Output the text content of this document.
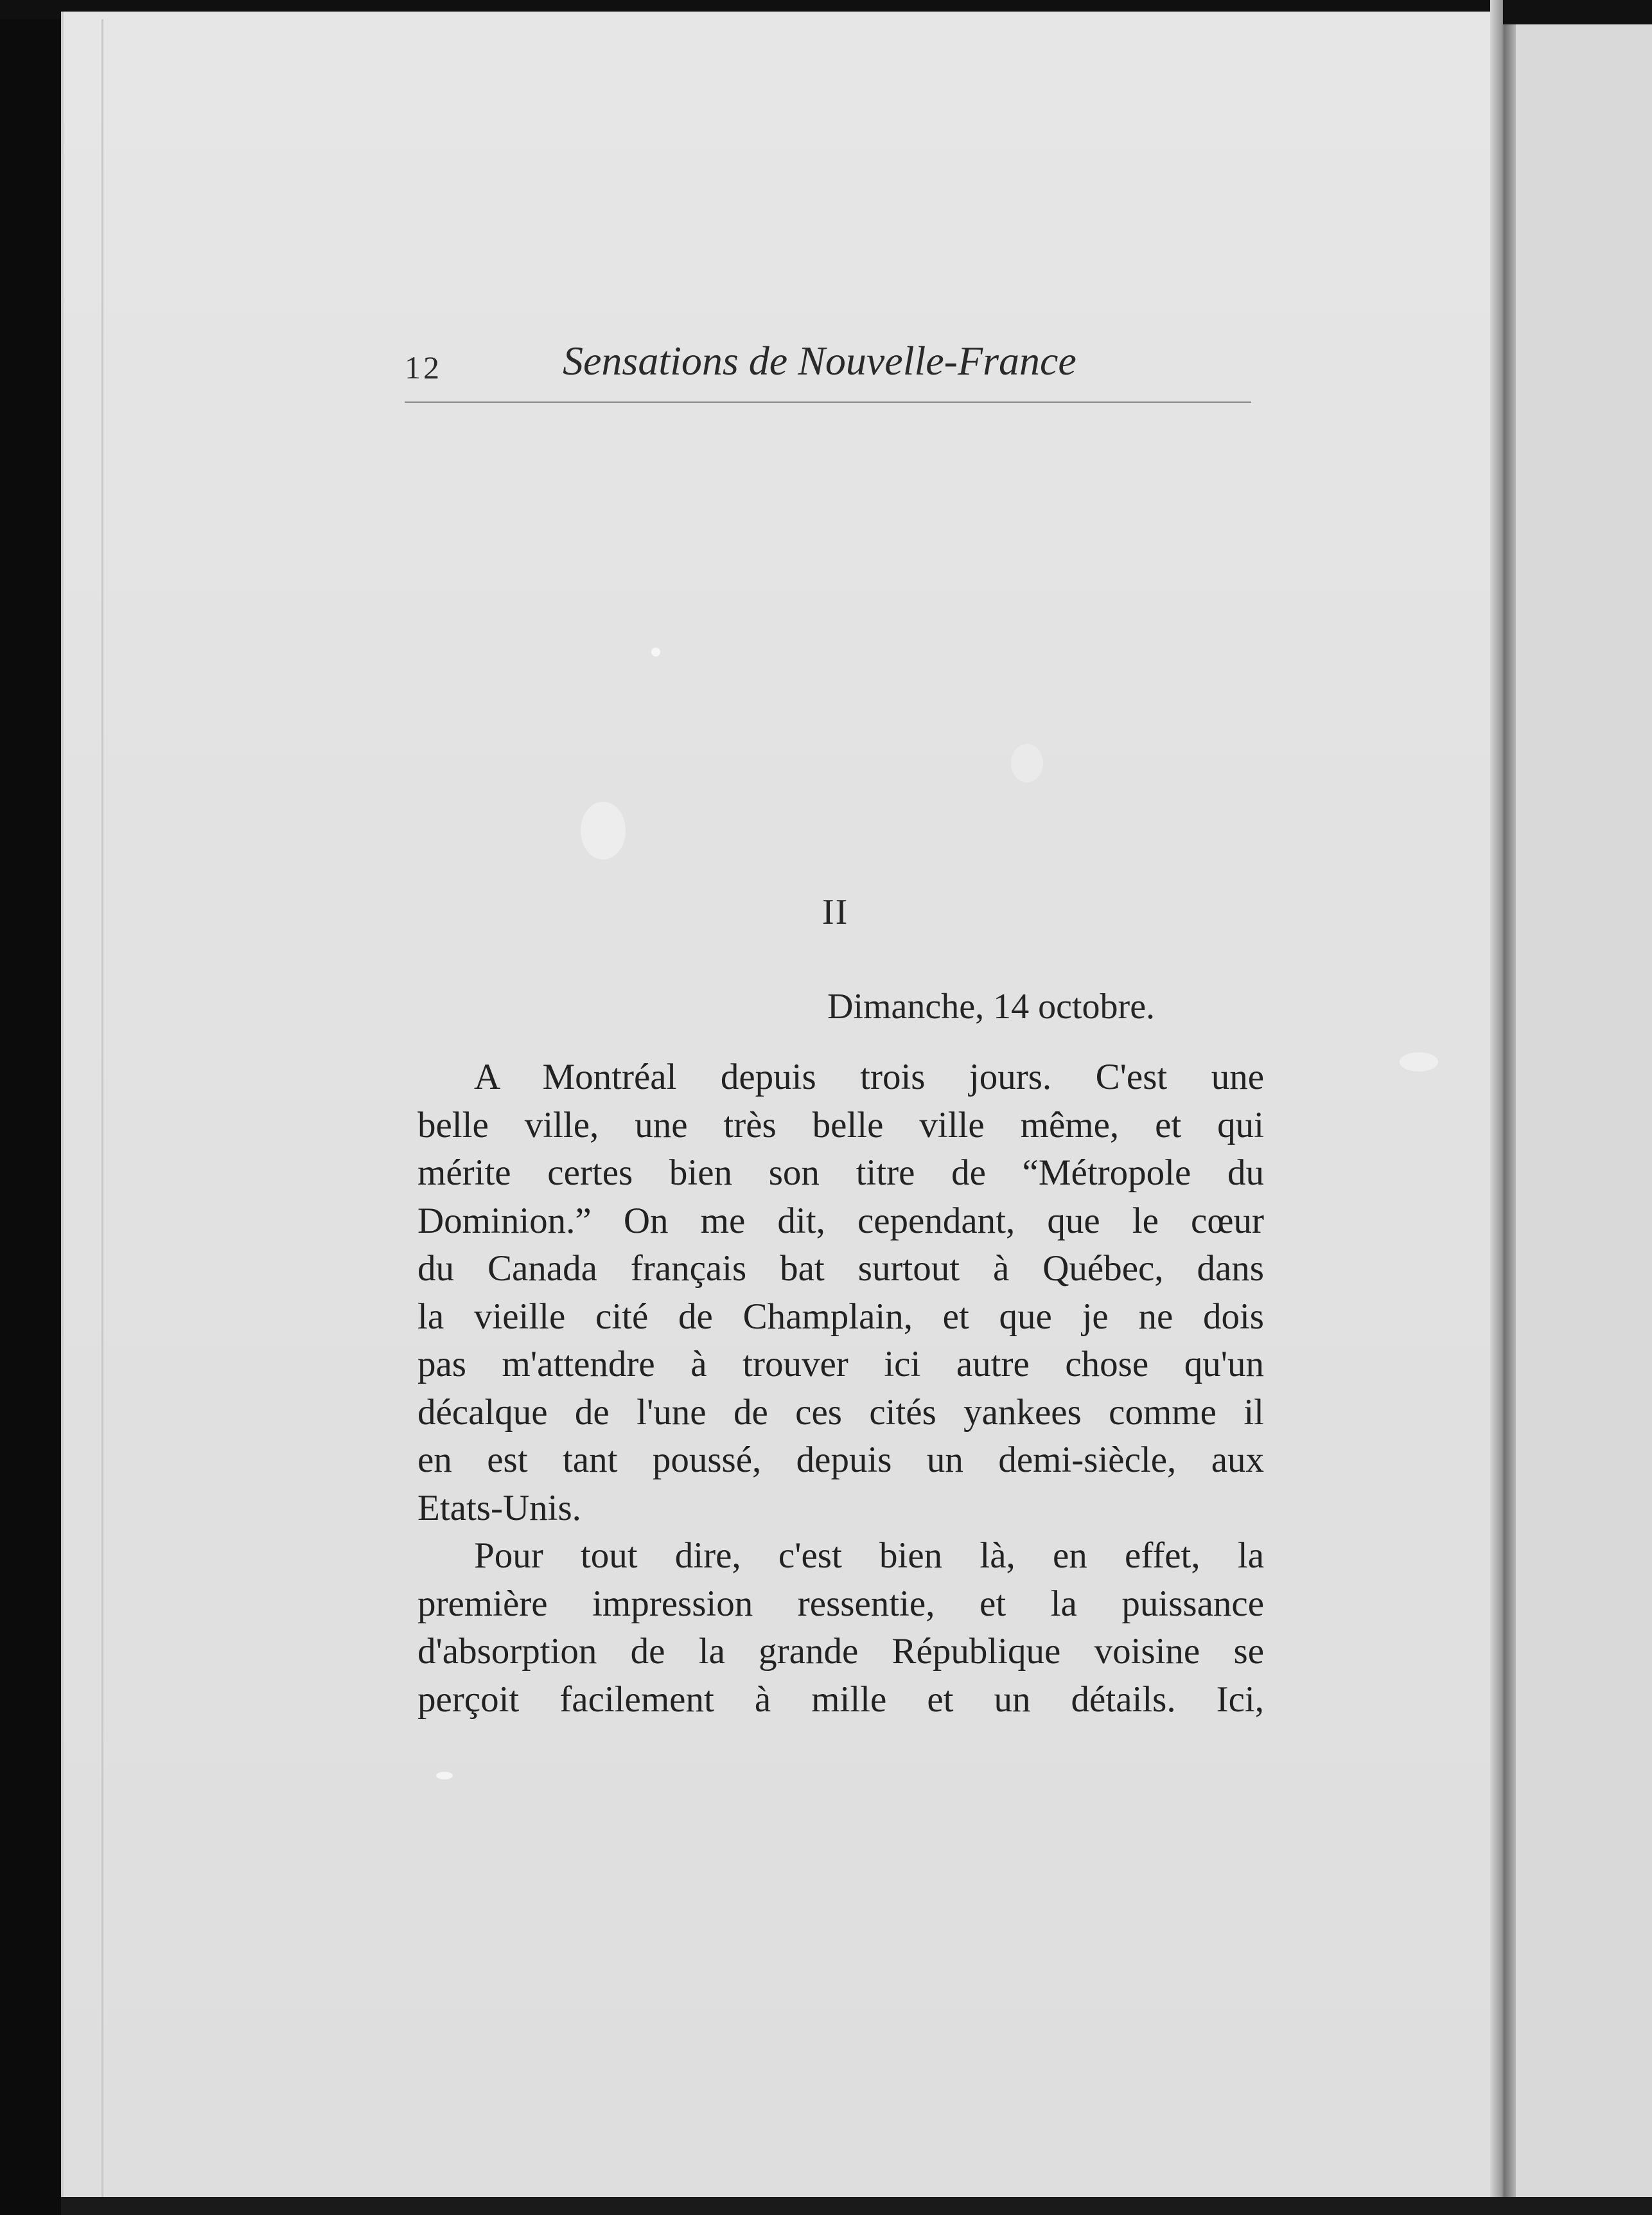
12	Sensations de Nouvelle-France
II
Dimanche, 14 octobre.

A Montréal depuis trois jours. C'est une
belle ville, une très belle ville même, et qui
mérite certes bien son titre de “Métropole du
Dominion.” On me dit, cependant, que le cœur
du Canada français bat surtout à Québec, dans
la vieille cité de Champlain, et que je ne dois
pas m'attendre à trouver ici autre chose qu'un
décalque de l'une de ces cités yankees comme il
en est tant poussé, depuis un demi-siècle, aux
Etats-Unis.

Pour tout dire, c'est bien là, en effet, la
première impression ressentie, et la puissance
d'absorption de la grande République voisine se
perçoit facilement à mille et un détails. Ici,
